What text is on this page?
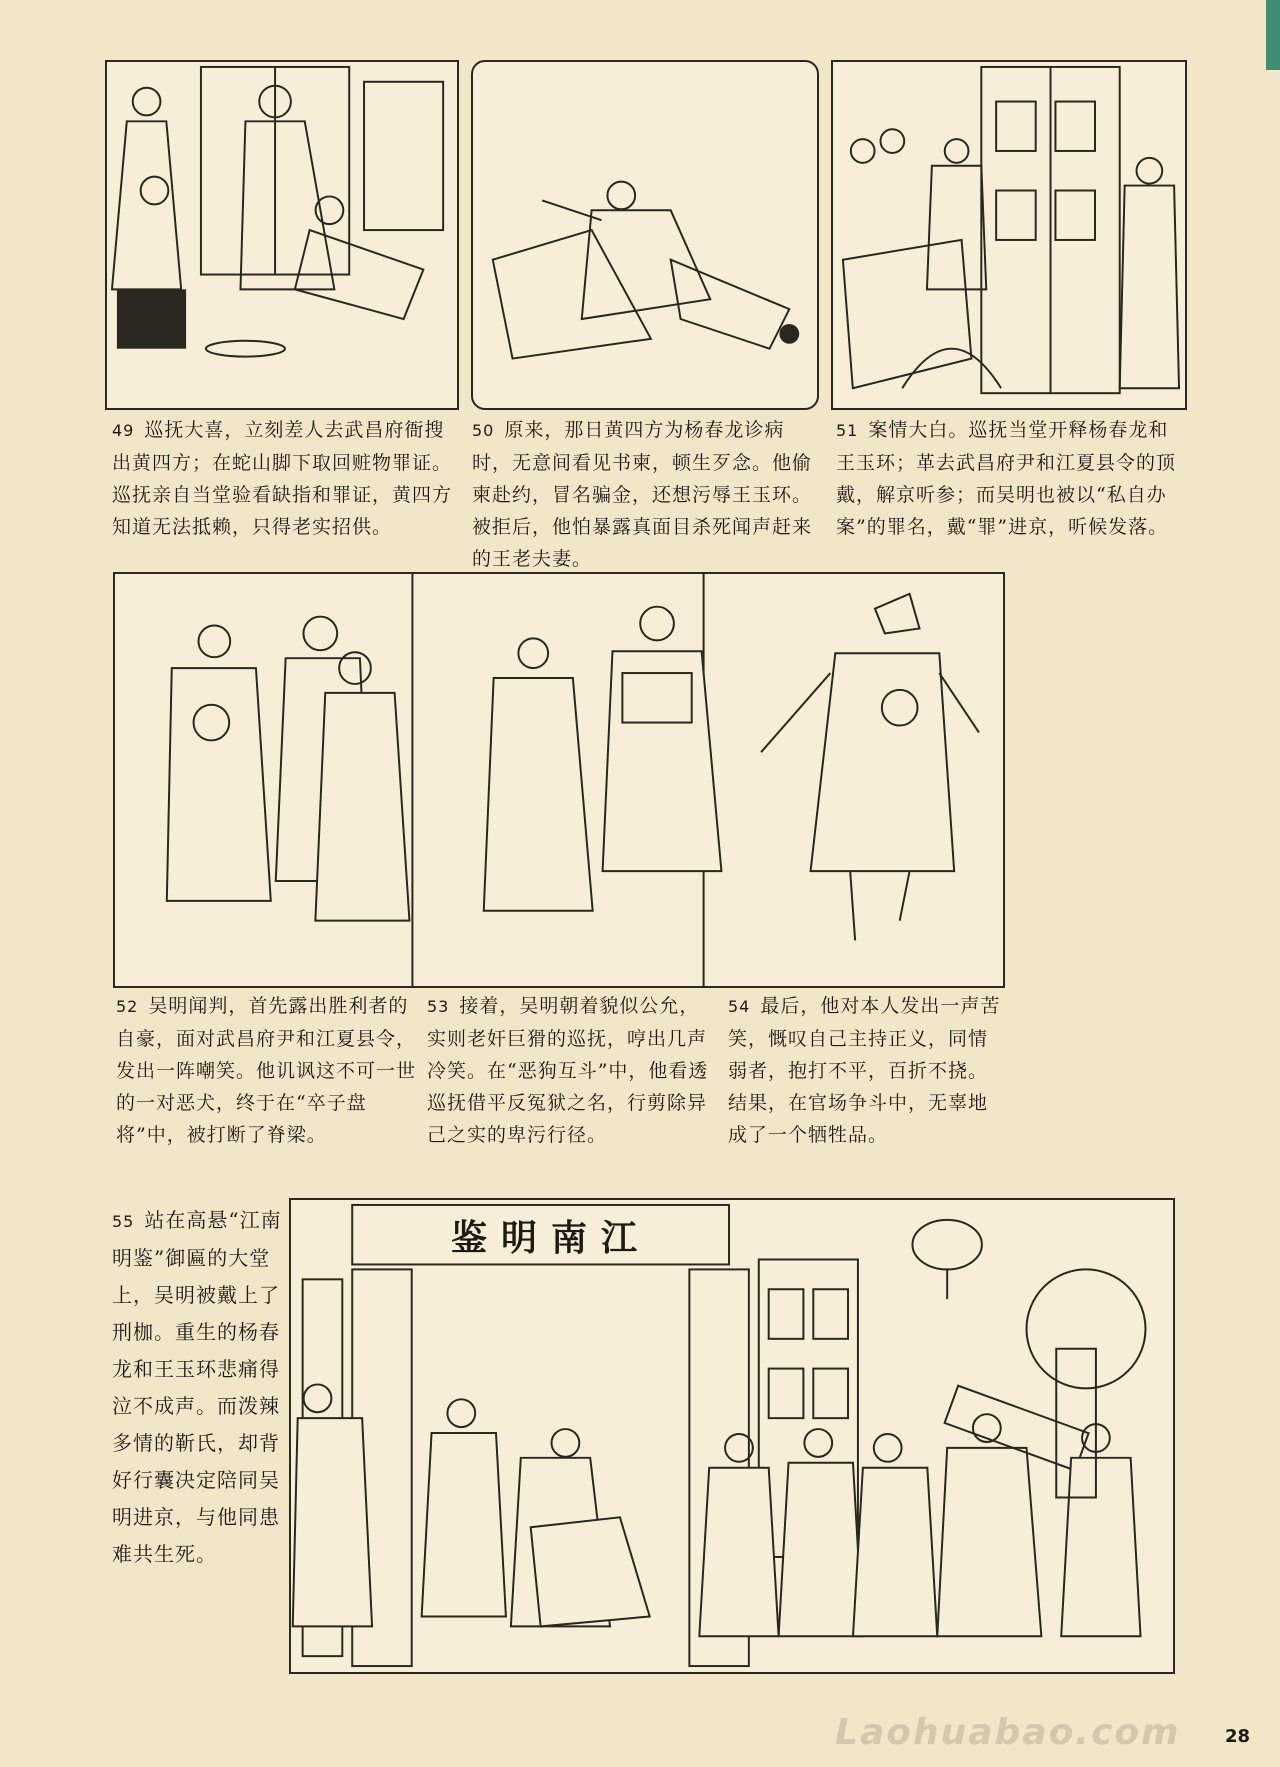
49 巡抚大喜，立刻差人去武昌府衙搜出黄四方；在蛇山脚下取回赃物罪证。巡抚亲自当堂验看缺指和罪证，黄四方知道无法抵赖，只得老实招供。
50 原来，那日黄四方为杨春龙诊病时，无意间看见书柬，顿生歹念。他偷柬赴约，冒名骗金，还想污辱王玉环。被拒后，他怕暴露真面目杀死闻声赶来的王老夫妻。
51 案情大白。巡抚当堂开释杨春龙和王玉环；革去武昌府尹和江夏县令的顶戴，解京听参；而吴明也被以“私自办案”的罪名，戴“罪”进京，听候发落。
52 吴明闻判，首先露出胜利者的自豪，面对武昌府尹和江夏县令，发出一阵嘲笑。他讥讽这不可一世的一对恶犬，终于在“卒子盘将”中，被打断了脊梁。
53 接着，吴明朝着貌似公允，实则老奸巨猾的巡抚，哼出几声冷笑。在“恶狗互斗”中，他看透巡抚借平反冤狱之名，行剪除异己之实的卑污行径。
54 最后，他对本人发出一声苦笑，慨叹自己主持正义，同情弱者，抱打不平，百折不挠。结果，在官场争斗中，无辜地成了一个牺牲品。
55 站在高悬“江南明鉴”御匾的大堂上，吴明被戴上了刑枷。重生的杨春龙和王玉环悲痛得泣不成声。而泼辣多情的靳氏，却背好行囊决定陪同吴明进京，与他同患难共生死。
江南明鉴
Laohuabao.com 28
